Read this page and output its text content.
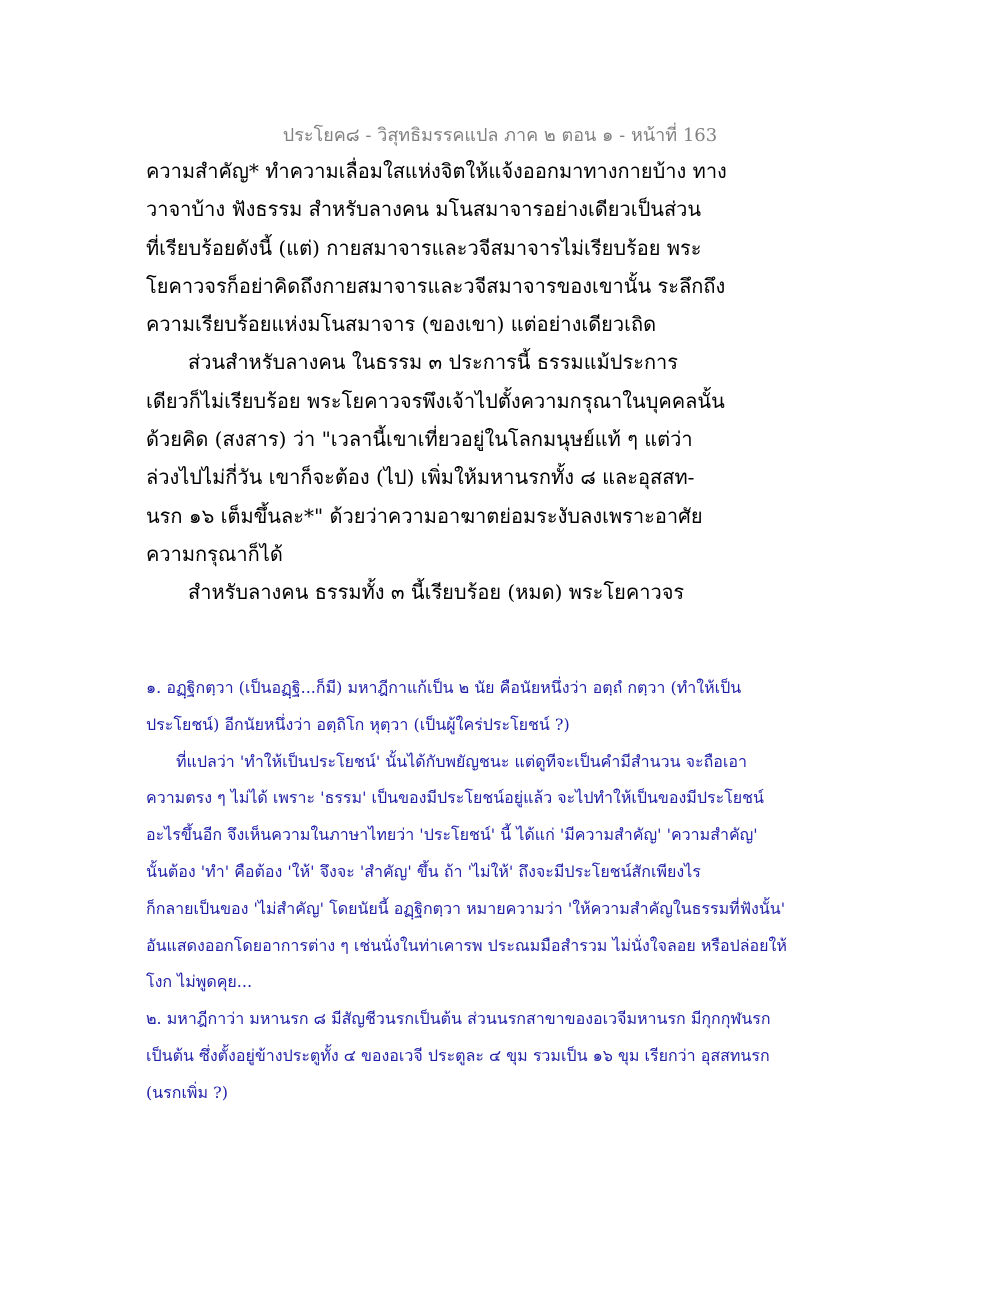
ประโยค๘ - วิสุทธิมรรคแปล ภาค ๒ ตอน ๑ - หน้าที่ 163
ความสำคัญ* ทำความเลื่อมใสแห่งจิตให้แจ้งออกมาทางกายบ้าง ทาง
วาจาบ้าง ฟังธรรม สำหรับลางคน มโนสมาจารอย่างเดียวเป็นส่วน
ที่เรียบร้อยดังนี้ (แต่) กายสมาจารและวจีสมาจารไม่เรียบร้อย พระ
โยคาวจรก็อย่าคิดถึงกายสมาจารและวจีสมาจารของเขานั้น ระลึกถึง
ความเรียบร้อยแห่งมโนสมาจาร (ของเขา) แต่อย่างเดียวเถิด
ส่วนสำหรับลางคน ในธรรม ๓ ประการนี้ ธรรมแม้ประการ
เดียวก็ไม่เรียบร้อย พระโยคาวจรพึงเจ้าไปตั้งความกรุณาในบุคคลนั้น
ด้วยคิด (สงสาร) ว่า "เวลานี้เขาเที่ยวอยู่ในโลกมนุษย์แท้ ๆ แต่ว่า
ล่วงไปไม่กี่วัน เขาก็จะต้อง (ไป) เพิ่มให้มหานรกทั้ง ๘ และอุสสท-
นรก ๑๖ เต็มขึ้นละ*" ด้วยว่าความอาฆาตย่อมระงับลงเพราะอาศัย
ความกรุณาก็ได้
สำหรับลางคน ธรรมทั้ง ๓ นี้เรียบร้อย (หมด) พระโยคาวจร
๑. อฏฺฐิกตฺวา (เป็นอฏฺฐิ...ก็มี) มหาฎีกาแก้เป็น ๒ นัย คือนัยหนึ่งว่า อตฺถํ กตฺวา (ทำให้เป็น
ประโยชน์) อีกนัยหนึ่งว่า อตฺถิโก หุตฺวา (เป็นผู้ใคร่ประโยชน์ ?)
ที่แปลว่า 'ทำให้เป็นประโยชน์' นั้นได้กับพยัญชนะ แต่ดูทีจะเป็นคำมีสำนวน จะถือเอา
ความตรง ๆ ไม่ได้ เพราะ 'ธรรม' เป็นของมีประโยชน์อยู่แล้ว จะไปทำให้เป็นของมีประโยชน์
อะไรขึ้นอีก จึงเห็นความในภาษาไทยว่า 'ประโยชน์' นี้ ได้แก่ 'มีความสำคัญ' 'ความสำคัญ'
นั้นต้อง 'ทำ' คือต้อง 'ให้' จึงจะ 'สำคัญ' ขึ้น ถ้า 'ไม่ให้' ถึงจะมีประโยชน์สักเพียงไร
ก็กลายเป็นของ 'ไม่สำคัญ' โดยนัยนี้ อฏฺฐิกตฺวา หมายความว่า 'ให้ความสำคัญในธรรมที่ฟังนั้น'
อันแสดงออกโดยอาการต่าง ๆ เช่นนั่งในท่าเคารพ ประณมมือสำรวม ไม่นั่งใจลอย หรือปล่อยให้
โงก ไม่พูดคุย...
๒. มหาฎีกาว่า มหานรก ๘ มีสัญชีวนรกเป็นต้น ส่วนนรกสาขาของอเวจีมหานรก มีกุกกุฬนรก
เป็นต้น ซึ่งตั้งอยู่ข้างประตูทั้ง ๔ ของอเวจี ประตูละ ๔ ขุม รวมเป็น ๑๖ ขุม เรียกว่า อุสสทนรก
(นรกเพิ่ม ?)
